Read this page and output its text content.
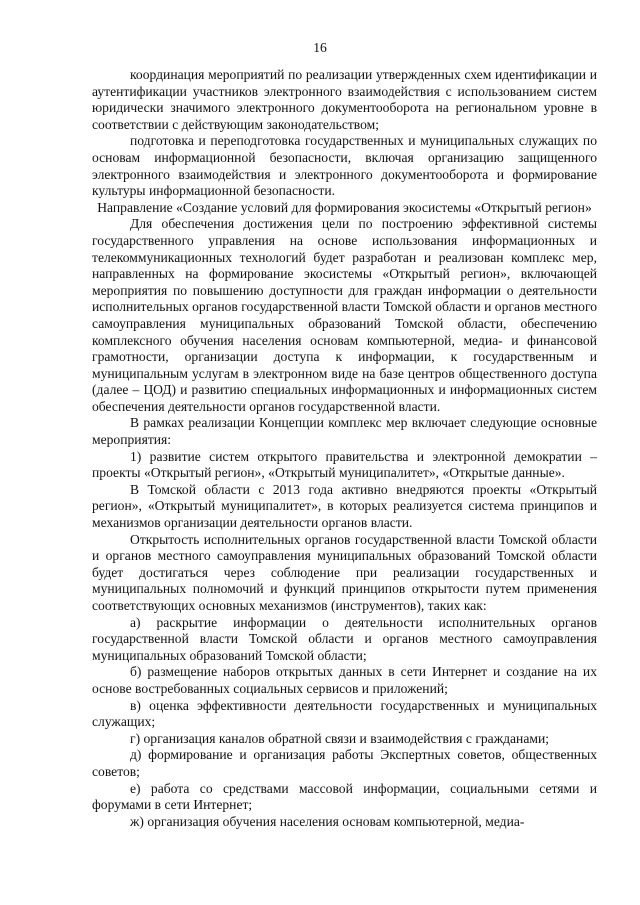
16

координация мероприятий по реализации утвержденных схем идентификации и аутентификации участников электронного взаимодействия с использованием систем юридически значимого электронного документооборота на региональном уровне в соответствии с действующим законодательством;

подготовка и переподготовка государственных и муниципальных служащих по основам информационной безопасности, включая организацию защищенного электронного взаимодействия и электронного документооборота и формирование культуры информационной безопасности.

Направление «Создание условий для формирования экосистемы «Открытый регион»

Для обеспечения достижения цели по построению эффективной системы государственного управления на основе использования информационных и телекоммуникационных технологий будет разработан и реализован комплекс мер, направленных на формирование экосистемы «Открытый регион», включающей мероприятия по повышению доступности для граждан информации о деятельности исполнительных органов государственной власти Томской области и органов местного самоуправления муниципальных образований Томской области, обеспечению комплексного обучения населения основам компьютерной, медиа- и финансовой грамотности, организации доступа к информации, к государственным и муниципальным услугам в электронном виде на базе центров общественного доступа (далее – ЦОД) и развитию специальных информационных и информационных систем обеспечения деятельности органов государственной власти.

В рамках реализации Концепции комплекс мер включает следующие основные мероприятия:

1) развитие систем открытого правительства и электронной демократии – проекты «Открытый регион», «Открытый муниципалитет», «Открытые данные».

В Томской области с 2013 года активно внедряются проекты «Открытый регион», «Открытый муниципалитет», в которых реализуется система принципов и механизмов организации деятельности органов власти.

Открытость исполнительных органов государственной власти Томской области и органов местного самоуправления муниципальных образований Томской области будет достигаться через соблюдение при реализации государственных и муниципальных полномочий и функций принципов открытости путем применения соответствующих основных механизмов (инструментов), таких как:

а) раскрытие информации о деятельности исполнительных органов государственной власти Томской области и органов местного самоуправления муниципальных образований Томской области;

б) размещение наборов открытых данных в сети Интернет и создание на их основе востребованных социальных сервисов и приложений;

в) оценка эффективности деятельности государственных и муниципальных служащих;

г) организация каналов обратной связи и взаимодействия с гражданами;

д) формирование и организация работы Экспертных советов, общественных советов;

е) работа со средствами массовой информации, социальными сетями и форумами в сети Интернет;

ж) организация обучения населения основам компьютерной, медиа-
